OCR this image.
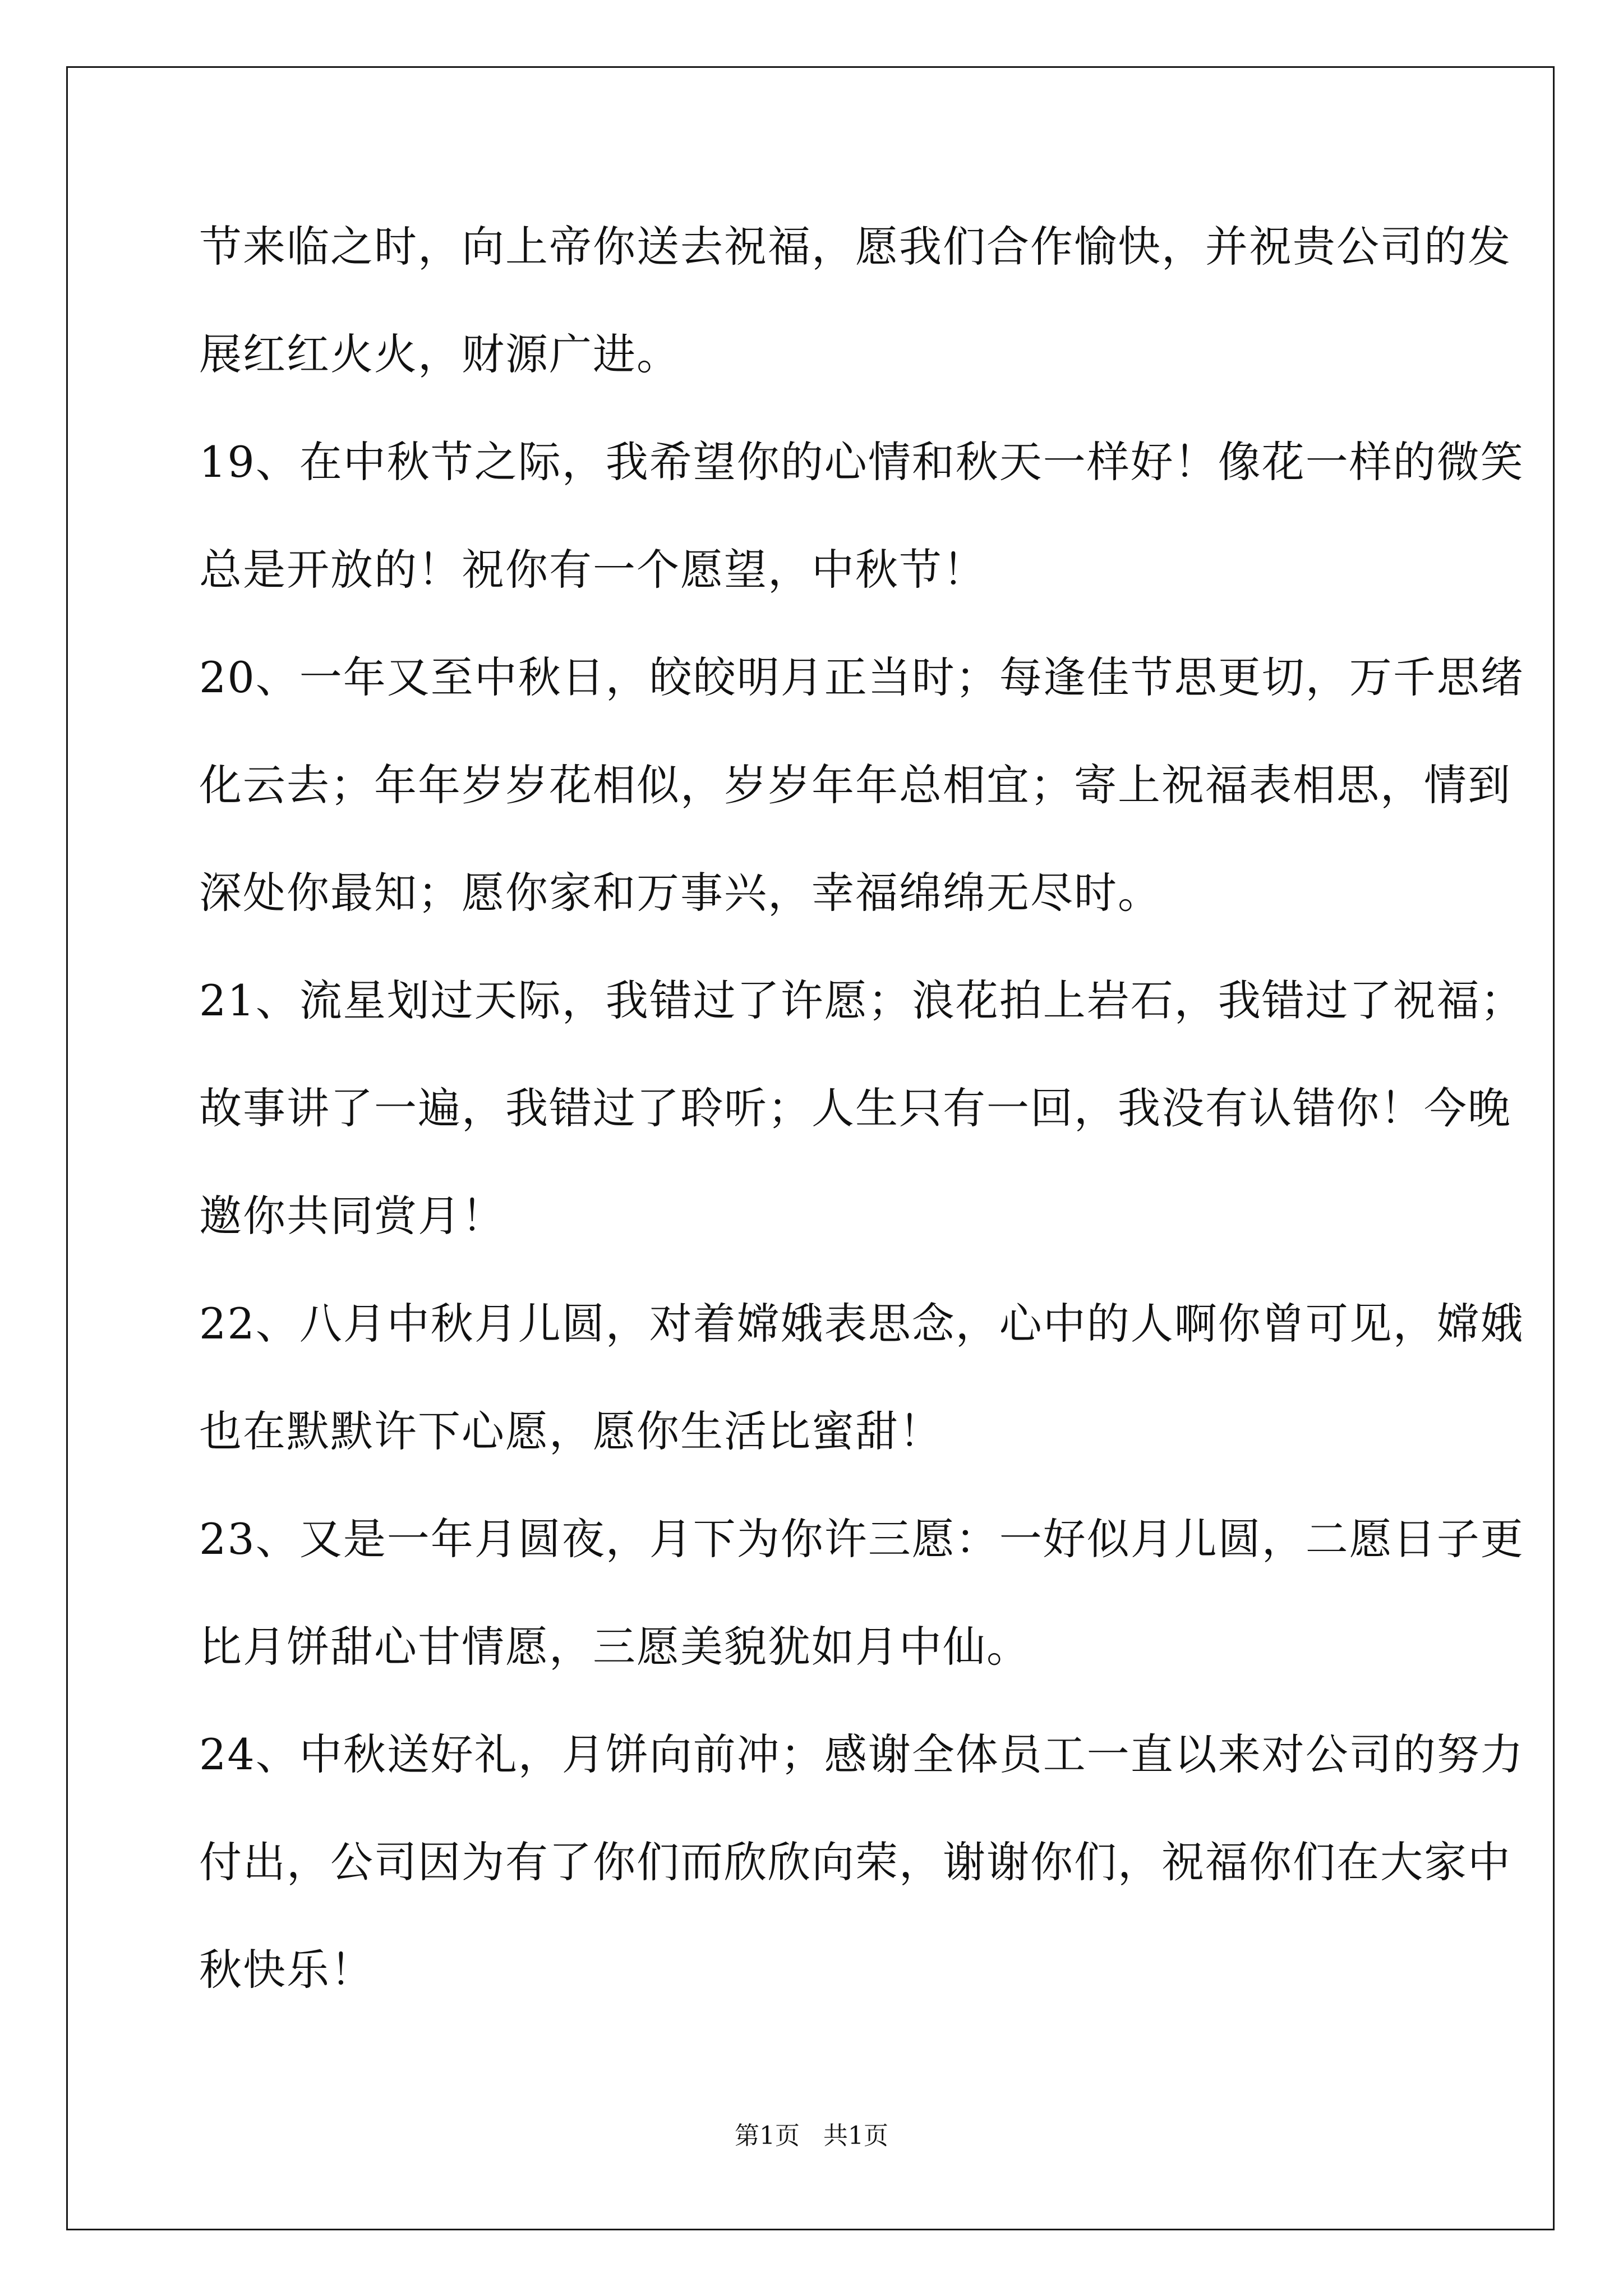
节来临之时，向上帝你送去祝福，愿我们合作愉快，并祝贵公司的发
展红红火火，财源广进。
19、在中秋节之际，我希望你的心情和秋天一样好！像花一样的微笑
总是开放的！祝你有一个愿望，中秋节！
20、一年又至中秋日，皎皎明月正当时；每逢佳节思更切，万千思绪
化云去；年年岁岁花相似，岁岁年年总相宜；寄上祝福表相思，情到
深处你最知；愿你家和万事兴，幸福绵绵无尽时。
21、流星划过天际，我错过了许愿；浪花拍上岩石，我错过了祝福；
故事讲了一遍，我错过了聆听；人生只有一回，我没有认错你！今晚
邀你共同赏月！
22、八月中秋月儿圆，对着嫦娥表思念，心中的人啊你曾可见，嫦娥
也在默默许下心愿，愿你生活比蜜甜！
23、又是一年月圆夜，月下为你许三愿：一好似月儿圆，二愿日子更
比月饼甜心甘情愿，三愿美貌犹如月中仙。
24、中秋送好礼，月饼向前冲；感谢全体员工一直以来对公司的努力
付出，公司因为有了你们而欣欣向荣，谢谢你们，祝福你们在大家中
秋快乐！
第1页   共1页
